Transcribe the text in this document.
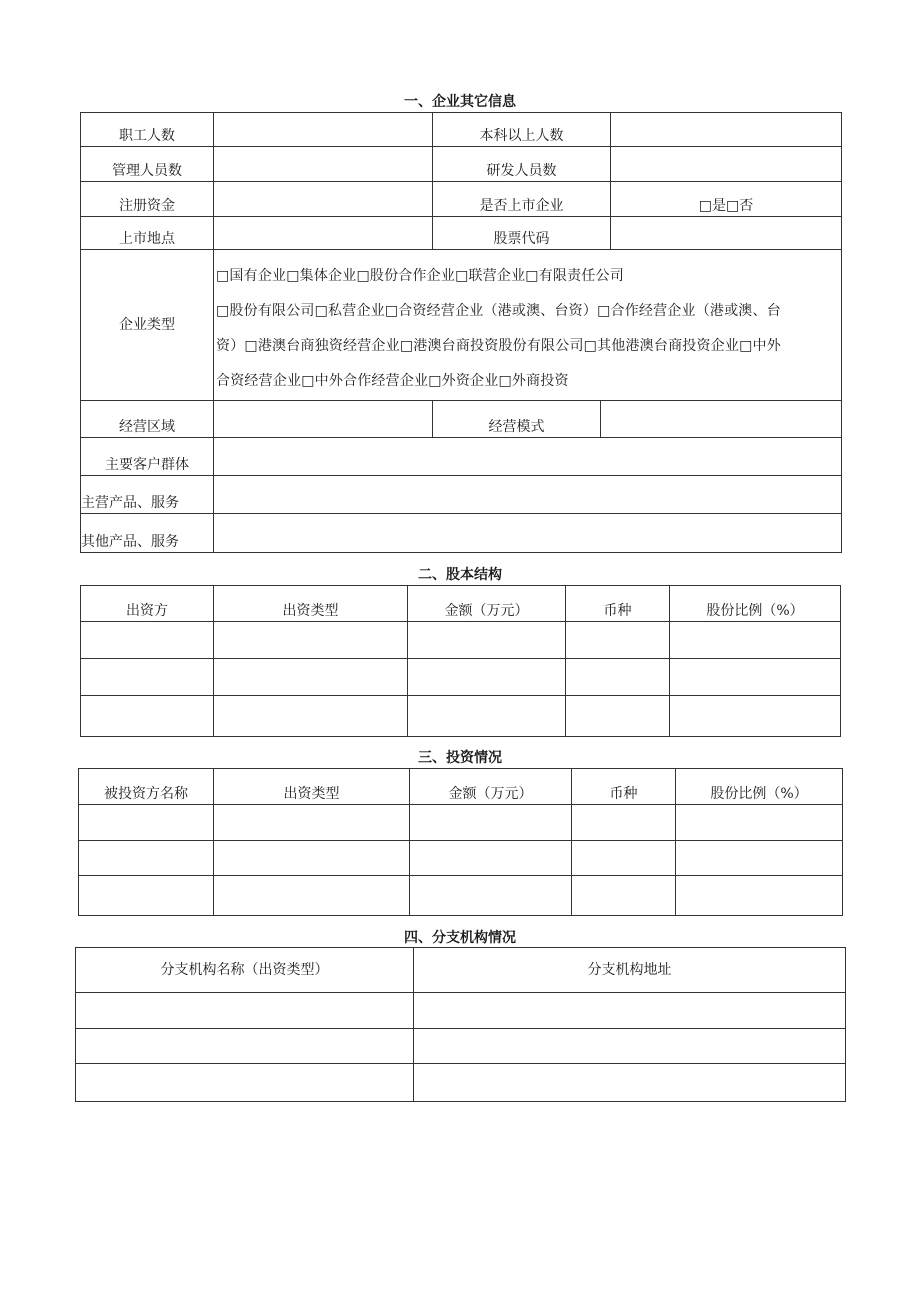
一、企业其它信息
职工人数		本科以上人数		
管理人员数		研发人员数		
注册资金		是否上市企业		□是□否
上市地点		股票代码		
企业类型	□国有企业□集体企业□股份合作企业□联营企业□有限责任公司
□股份有限公司□私营企业□合资经营企业（港或澳、台资）□合作经营企业（港或澳、台
资）□港澳台商独资经营企业□港澳台商投资股份有限公司□其他港澳台商投资企业□中外
合资经营企业□中外合作经营企业□外资企业□外商投资			

经营区域		经营模式		
主要客户群体				
主营产品、服务				
其他产品、服务				
二、股本结构
出资方	出资类型	金额（万元）	币种	股份比例（%）

三、投资情况
被投资方名称	出资类型	金额（万元）	币种	股份比例（%）

四、分支机构情况
分支机构名称（出资类型）	分支机构地址
